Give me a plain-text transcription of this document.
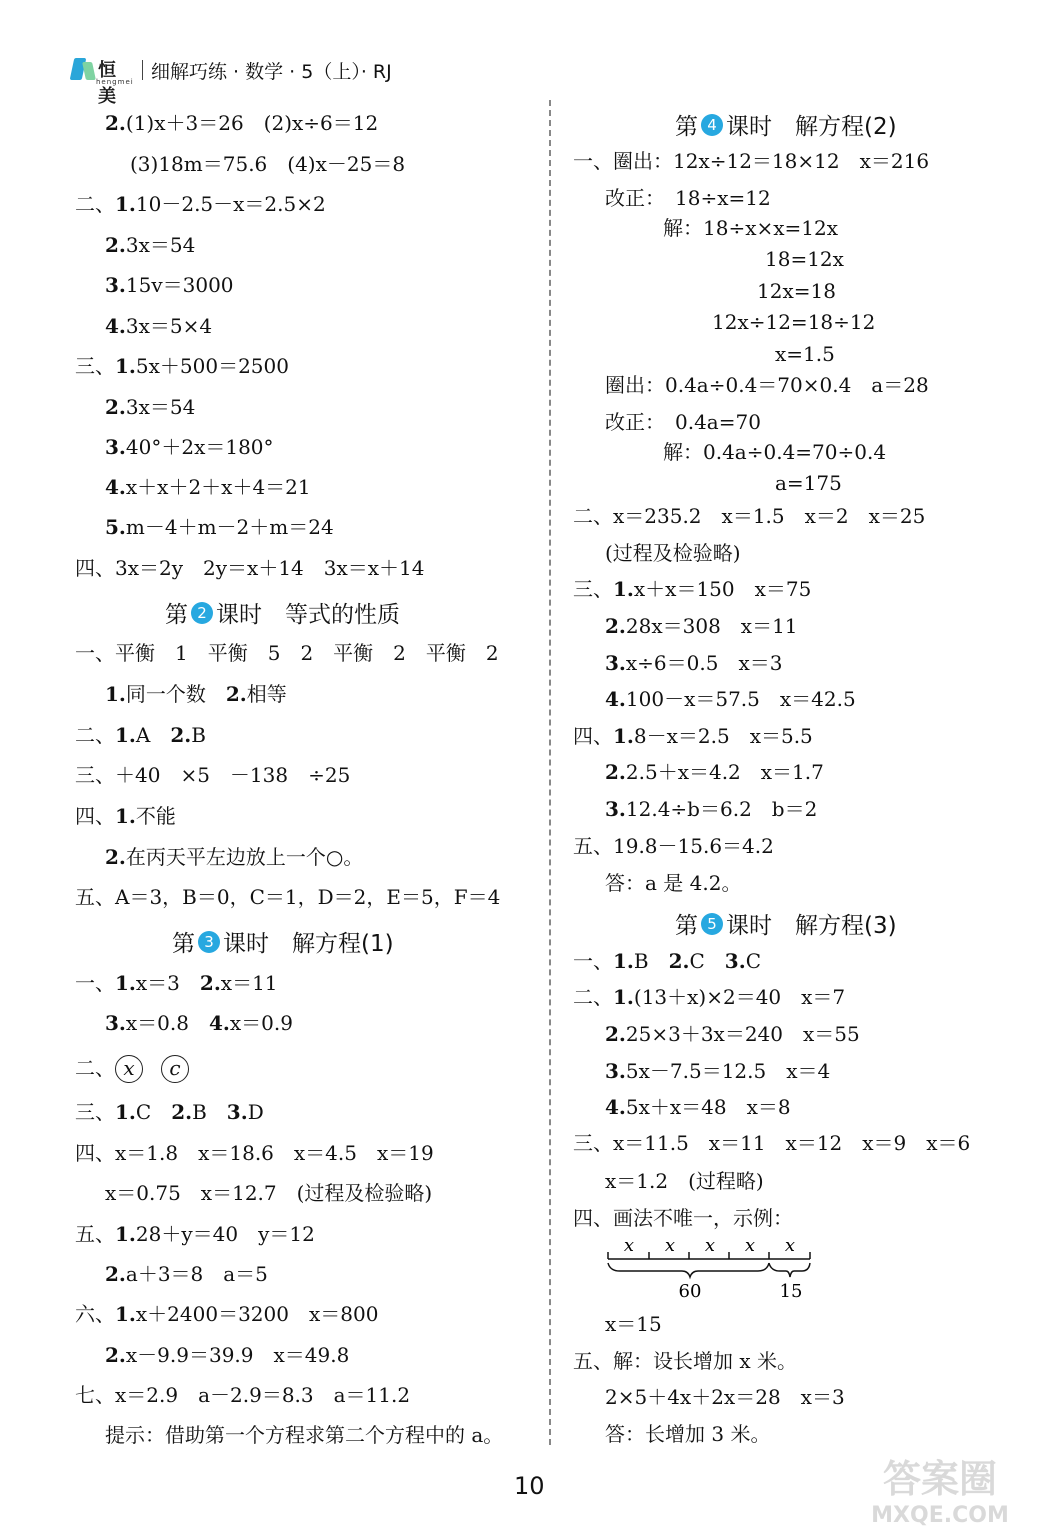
恒美
hengmei 细解巧练 · 数学 · 5（上）· RJ
2.(1)x＋3＝26　(2)x÷6＝12
(3)18m＝75.6　(4)x－25＝8
二、1.10－2.5－x＝2.5×2
2.3x＝54
3.15v＝3000
4.3x＝5×4
三、1.5x＋500＝2500
2.3x＝54
3.40°＋2x＝180°
4.x＋x＋2＋x＋4＝21
5.m－4＋m－2＋m＝24
四、3x＝2y　2y＝x＋14　3x＝x＋14
第 2 课时　等式的性质
一、平衡　1　平衡　5　2　平衡　2　平衡　2
1.同一个数　2.相等
二、1.A　2.B
三、＋40　×5　－138　÷25
四、1.不能
2.在丙天平左边放上一个○。
五、A＝3，B＝0，C＝1，D＝2，E＝5，F＝4
第 3 课时　解方程(1)
一、1.x＝3　2.x＝11
3.x＝0.8　4.x＝0.9
二、 x c
三、1.C　2.B　3.D
四、x＝1.8　x＝18.6　x＝4.5　x＝19
x＝0.75　x＝12.7　(过程及检验略)
五、1.28＋y＝40　y＝12
2.a＋3＝8　a＝5
六、1.x＋2400＝3200　x＝800
2.x－9.9＝39.9　x＝49.8
七、x＝2.9　a－2.9＝8.3　a＝11.2
提示：借助第一个方程求第二个方程中的 a。
第 4 课时　解方程(2)
一、圈出：12x÷12＝18×12　x＝216
改正：　18÷x=12
解：18÷x×x=12x
18=12x
12x=18
12x÷12=18÷12
x=1.5
圈出：0.4a÷0.4＝70×0.4　a＝28
改正：　0.4a=70
解：0.4a÷0.4=70÷0.4
a=175
二、x＝235.2　x＝1.5　x＝2　x＝25
(过程及检验略)
三、1.x＋x＝150　x＝75
2.28x＝308　x＝11
3.x÷6＝0.5　x＝3
4.100－x＝57.5　x＝42.5
四、1.8－x＝2.5　x＝5.5
2.2.5＋x＝4.2　x＝1.7
3.12.4÷b＝6.2　b＝2
五、19.8－15.6＝4.2
答：a 是 4.2。
第 5 课时　解方程(3)
一、1.B　2.C　3.C
二、1.(13＋x)×2＝40　x＝7
2.25×3＋3x＝240　x＝55
3.5x－7.5＝12.5　x＝4
4.5x＋x＝48　x＝8
三、x＝11.5　x＝11　x＝12　x＝9　x＝6
x＝1.2　(过程略)
四、画法不唯一，示例：
x x x x x
60	15
x＝15
五、解：设长增加 x 米。
2×5＋4x＋2x＝28　x＝3
答：长增加 3 米。
10	答案圈
MXQE.COM
